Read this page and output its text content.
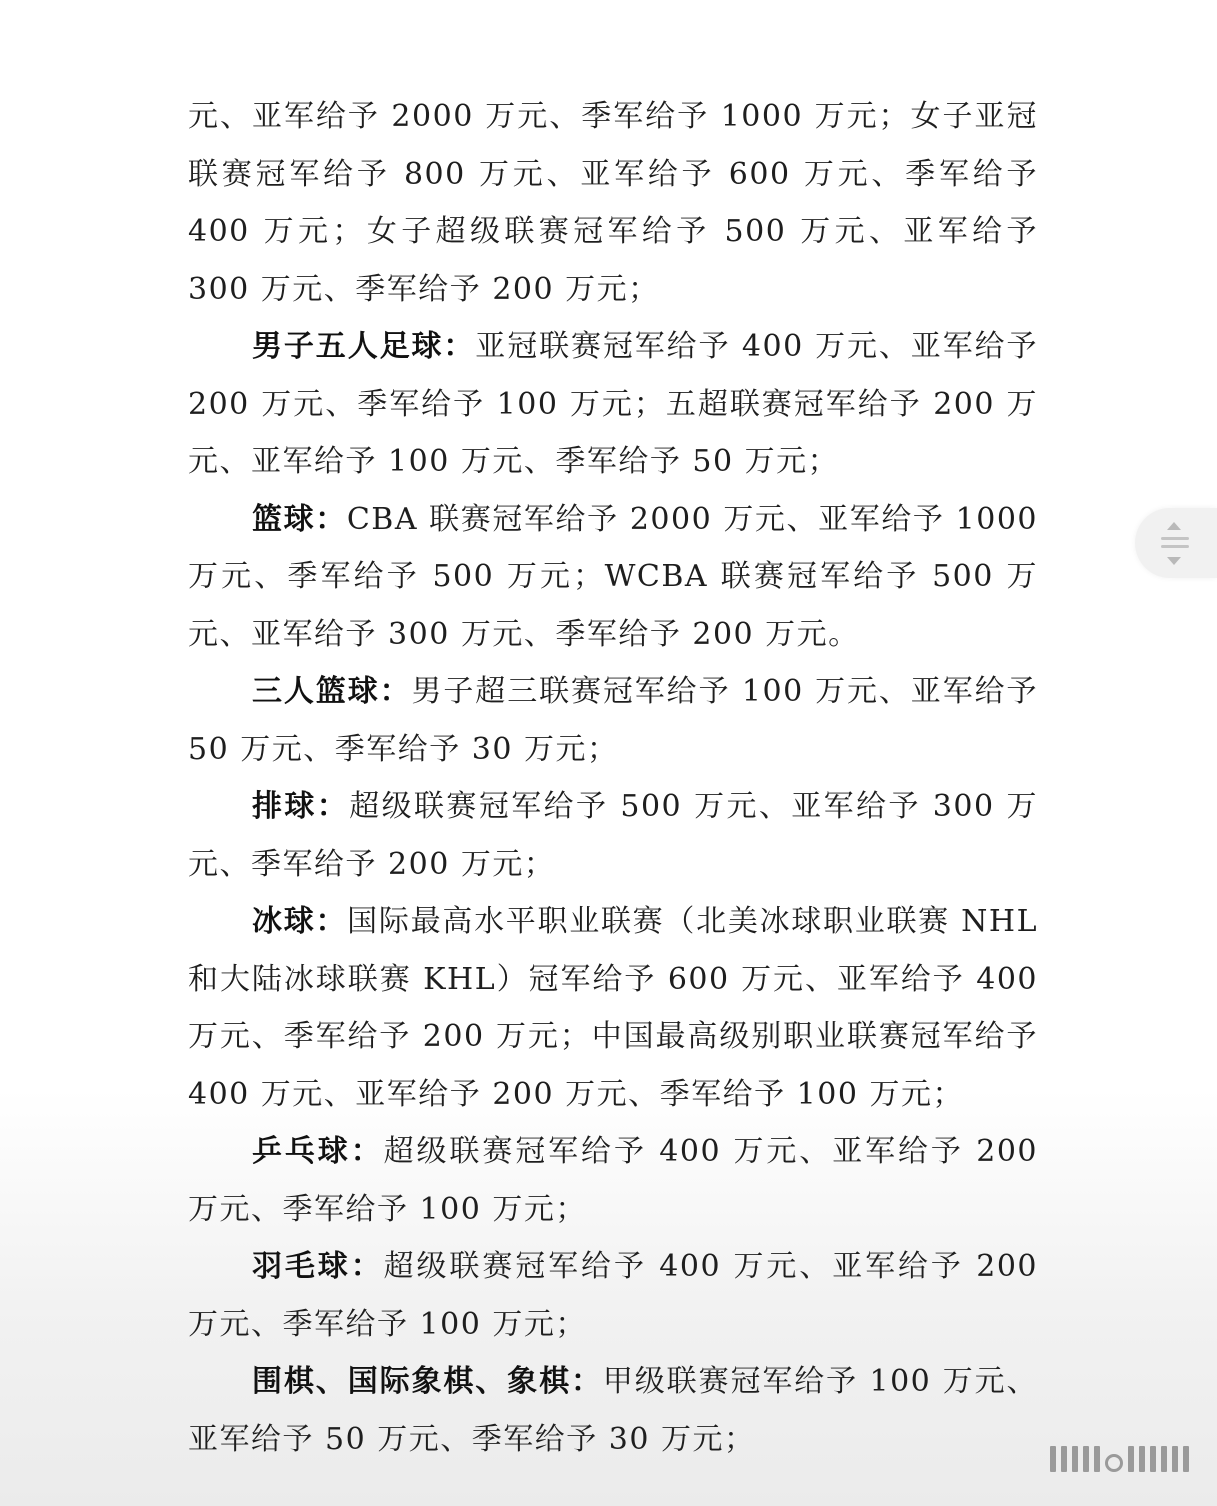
元、亚军给予 2000 万元、季军给予 1000 万元；女子亚冠联赛冠军给予 800 万元、亚军给予 600 万元、季军给予 400 万元；女子超级联赛冠军给予 500 万元、亚军给予 300 万元、季军给予 200 万元；

男子五人足球：亚冠联赛冠军给予 400 万元、亚军给予 200 万元、季军给予 100 万元；五超联赛冠军给予 200 万元、亚军给予 100 万元、季军给予 50 万元；

篮球：CBA 联赛冠军给予 2000 万元、亚军给予 1000 万元、季军给予 500 万元；WCBA 联赛冠军给予 500 万元、亚军给予 300 万元、季军给予 200 万元。

三人篮球：男子超三联赛冠军给予 100 万元、亚军给予 50 万元、季军给予 30 万元；

排球：超级联赛冠军给予 500 万元、亚军给予 300 万元、季军给予 200 万元；

冰球：国际最高水平职业联赛（北美冰球职业联赛 NHL 和大陆冰球联赛 KHL）冠军给予 600 万元、亚军给予 400 万元、季军给予 200 万元；中国最高级别职业联赛冠军给予 400 万元、亚军给予 200 万元、季军给予 100 万元；

乒乓球：超级联赛冠军给予 400 万元、亚军给予 200 万元、季军给予 100 万元；

羽毛球：超级联赛冠军给予 400 万元、亚军给予 200 万元、季军给予 100 万元；

围棋、国际象棋、象棋：甲级联赛冠军给予 100 万元、亚军给予 50 万元、季军给予 30 万元；
